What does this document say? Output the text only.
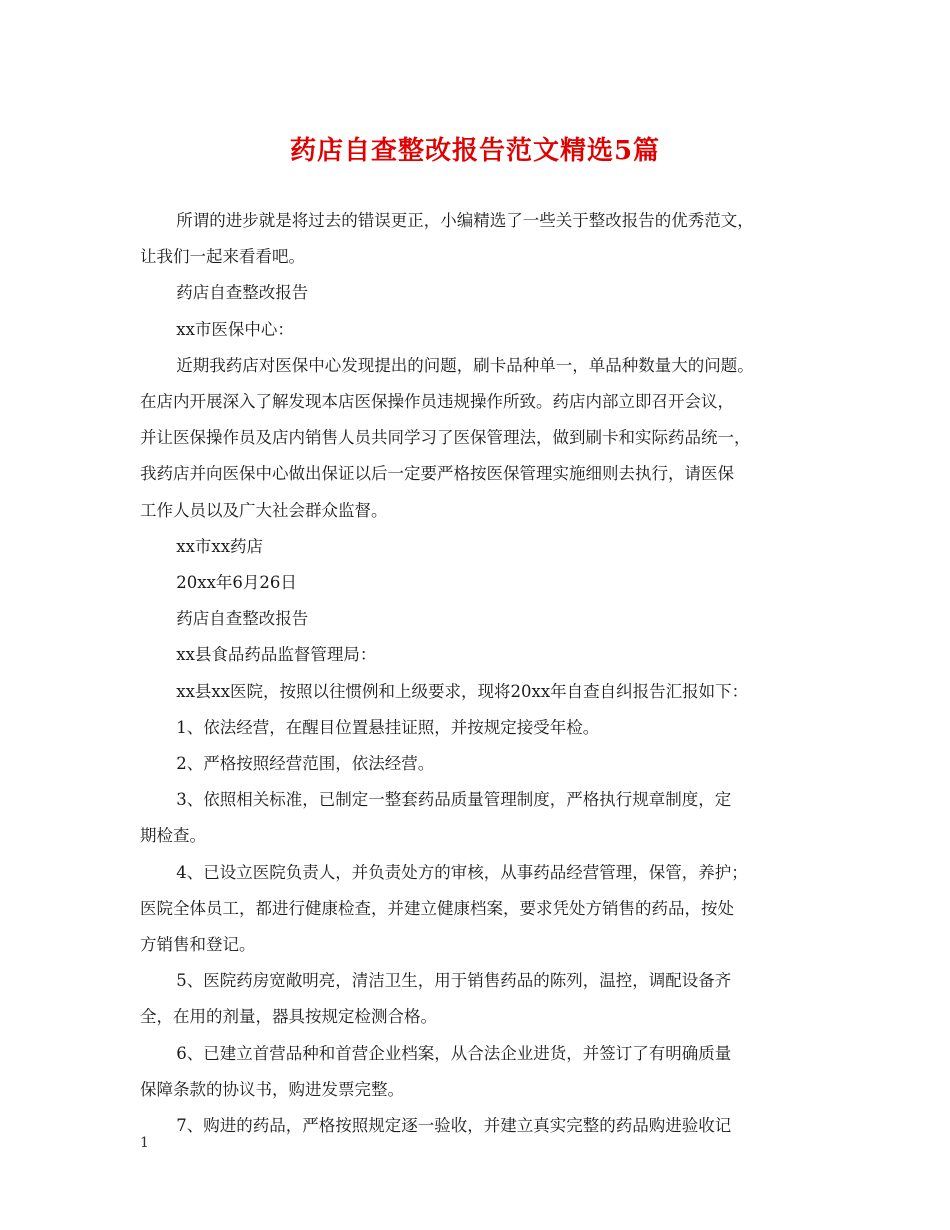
药店自查整改报告范文精选5篇

所谓的进步就是将过去的错误更正，小编精选了一些关于整改报告的优秀范文，

让我们一起来看看吧。

药店自查整改报告

xx市医保中心：

近期我药店对医保中心发现提出的问题，刷卡品种单一，单品种数量大的问题。

在店内开展深入了解发现本店医保操作员违规操作所致。药店内部立即召开会议，

并让医保操作员及店内销售人员共同学习了医保管理法，做到刷卡和实际药品统一，

我药店并向医保中心做出保证以后一定要严格按医保管理实施细则去执行，请医保

工作人员以及广大社会群众监督。

xx市xx药店

20xx年6月26日

药店自查整改报告

xx县食品药品监督管理局：

xx县xx医院，按照以往惯例和上级要求，现将20xx年自查自纠报告汇报如下：

1、依法经营，在醒目位置悬挂证照，并按规定接受年检。

2、严格按照经营范围，依法经营。

3、依照相关标准，已制定一整套药品质量管理制度，严格执行规章制度，定

期检查。

4、已设立医院负责人，并负责处方的审核，从事药品经营管理，保管，养护；

医院全体员工，都进行健康检查，并建立健康档案，要求凭处方销售的药品，按处

方销售和登记。

5、医院药房宽敞明亮，清洁卫生，用于销售药品的陈列，温控，调配设备齐

全，在用的剂量，器具按规定检测合格。

6、已建立首营品种和首营企业档案，从合法企业进货，并签订了有明确质量

保障条款的协议书，购进发票完整。

7、购进的药品，严格按照规定逐一验收，并建立真实完整的药品购进验收记

1
